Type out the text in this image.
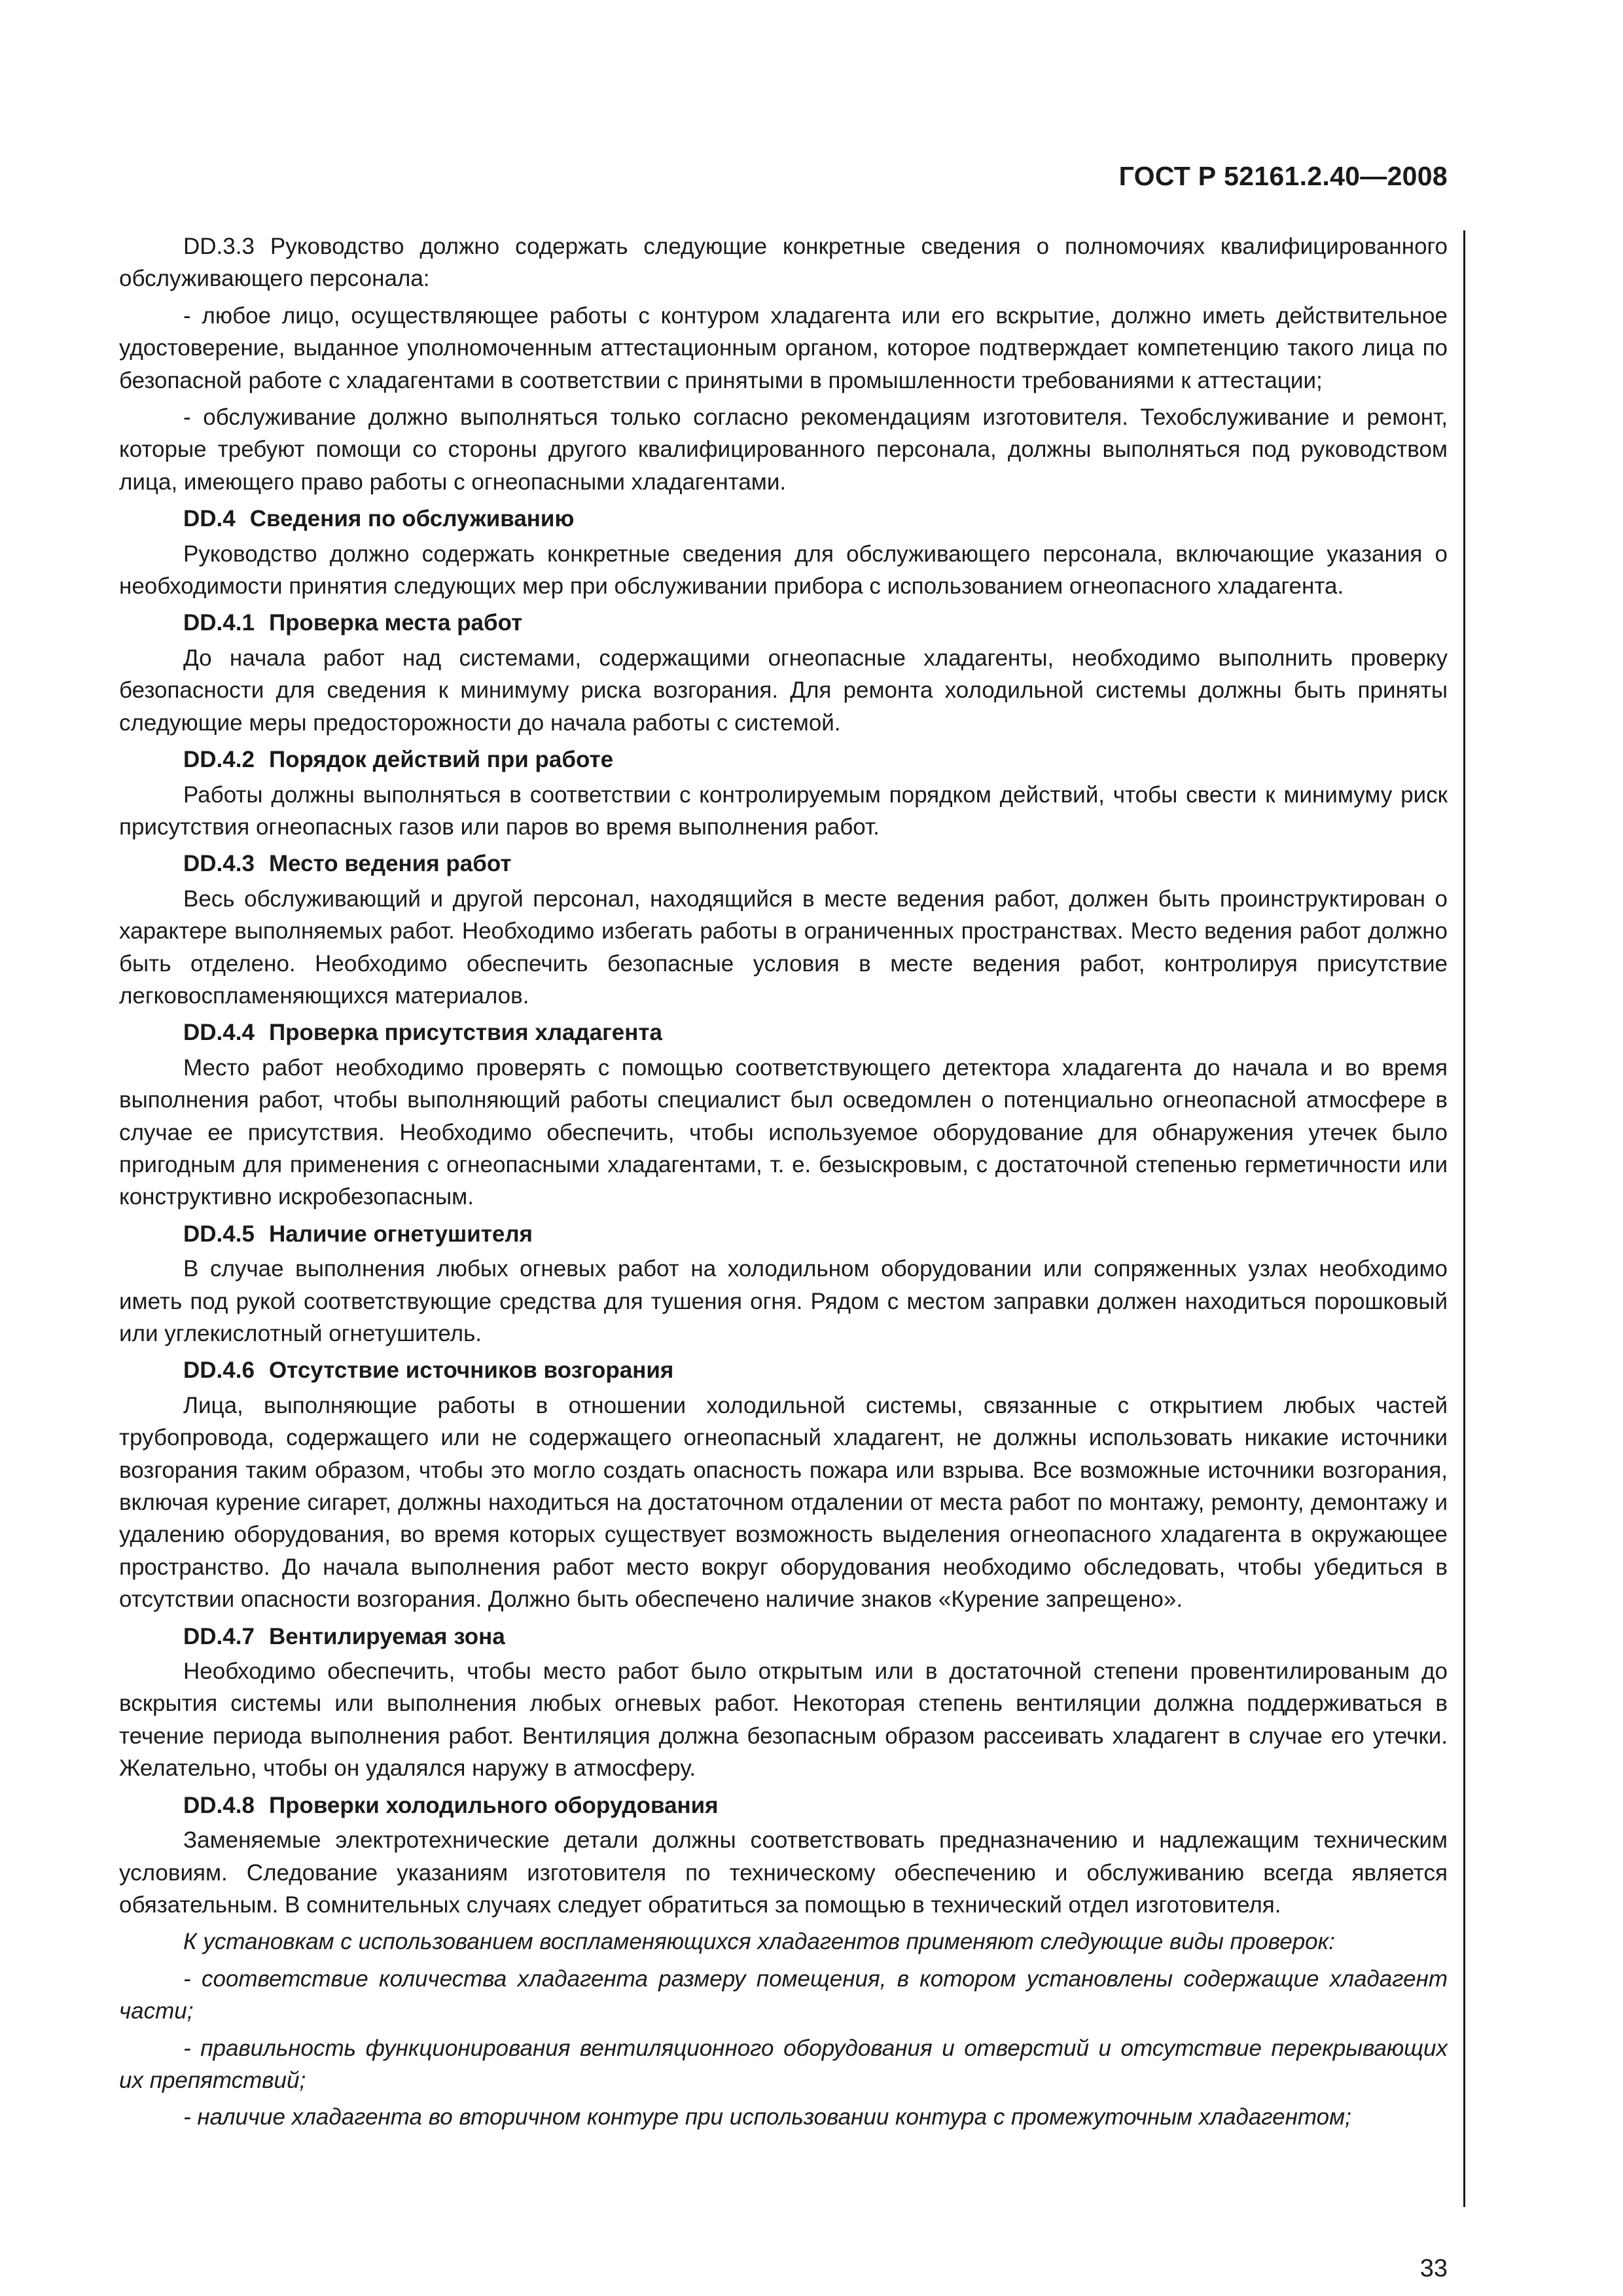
ГОСТ Р 52161.2.40—2008
DD.3.3 Руководство должно содержать следующие конкретные сведения о полномочиях квалифицированного обслуживающего персонала:
- любое лицо, осуществляющее работы с контуром хладагента или его вскрытие, должно иметь действительное удостоверение, выданное уполномоченным аттестационным органом, которое подтверждает компетенцию такого лица по безопасной работе с хладагентами в соответствии с принятыми в промышленности требованиями к аттестации;
- обслуживание должно выполняться только согласно рекомендациям изготовителя. Техобслуживание и ремонт, которые требуют помощи со стороны другого квалифицированного персонала, должны выполняться под руководством лица, имеющего право работы с огнеопасными хладагентами.
DD.4 Сведения по обслуживанию
Руководство должно содержать конкретные сведения для обслуживающего персонала, включающие указания о необходимости принятия следующих мер при обслуживании прибора с использованием огнеопасного хладагента.
DD.4.1 Проверка места работ
До начала работ над системами, содержащими огнеопасные хладагенты, необходимо выполнить проверку безопасности для сведения к минимуму риска возгорания. Для ремонта холодильной системы должны быть приняты следующие меры предосторожности до начала работы с системой.
DD.4.2 Порядок действий при работе
Работы должны выполняться в соответствии с контролируемым порядком действий, чтобы свести к минимуму риск присутствия огнеопасных газов или паров во время выполнения работ.
DD.4.3 Место ведения работ
Весь обслуживающий и другой персонал, находящийся в месте ведения работ, должен быть проинструктирован о характере выполняемых работ. Необходимо избегать работы в ограниченных пространствах. Место ведения работ должно быть отделено. Необходимо обеспечить безопасные условия в месте ведения работ, контролируя присутствие легковоспламеняющихся материалов.
DD.4.4 Проверка присутствия хладагента
Место работ необходимо проверять с помощью соответствующего детектора хладагента до начала и во время выполнения работ, чтобы выполняющий работы специалист был осведомлен о потенциально огнеопасной атмосфере в случае ее присутствия. Необходимо обеспечить, чтобы используемое оборудование для обнаружения утечек было пригодным для применения с огнеопасными хладагентами, т. е. безыскровым, с достаточной степенью герметичности или конструктивно искробезопасным.
DD.4.5 Наличие огнетушителя
В случае выполнения любых огневых работ на холодильном оборудовании или сопряженных узлах необходимо иметь под рукой соответствующие средства для тушения огня. Рядом с местом заправки должен находиться порошковый или углекислотный огнетушитель.
DD.4.6 Отсутствие источников возгорания
Лица, выполняющие работы в отношении холодильной системы, связанные с открытием любых частей трубопровода, содержащего или не содержащего огнеопасный хладагент, не должны использовать никакие источники возгорания таким образом, чтобы это могло создать опасность пожара или взрыва. Все возможные источники возгорания, включая курение сигарет, должны находиться на достаточном отдалении от места работ по монтажу, ремонту, демонтажу и удалению оборудования, во время которых существует возможность выделения огнеопасного хладагента в окружающее пространство. До начала выполнения работ место вокруг оборудования необходимо обследовать, чтобы убедиться в отсутствии опасности возгорания. Должно быть обеспечено наличие знаков «Курение запрещено».
DD.4.7 Вентилируемая зона
Необходимо обеспечить, чтобы место работ было открытым или в достаточной степени провентилированым до вскрытия системы или выполнения любых огневых работ. Некоторая степень вентиляции должна поддерживаться в течение периода выполнения работ. Вентиляция должна безопасным образом рассеивать хладагент в случае его утечки. Желательно, чтобы он удалялся наружу в атмосферу.
DD.4.8 Проверки холодильного оборудования
Заменяемые электротехнические детали должны соответствовать предназначению и надлежащим техническим условиям. Следование указаниям изготовителя по техническому обеспечению и обслуживанию всегда является обязательным. В сомнительных случаях следует обратиться за помощью в технический отдел изготовителя.
К установкам с использованием воспламеняющихся хладагентов применяют следующие виды проверок:
- соответствие количества хладагента размеру помещения, в котором установлены содержащие хладагент части;
- правильность функционирования вентиляционного оборудования и отверстий и отсутствие перекрывающих их препятствий;
- наличие хладагента во вторичном контуре при использовании контура с промежуточным хладагентом;
33
